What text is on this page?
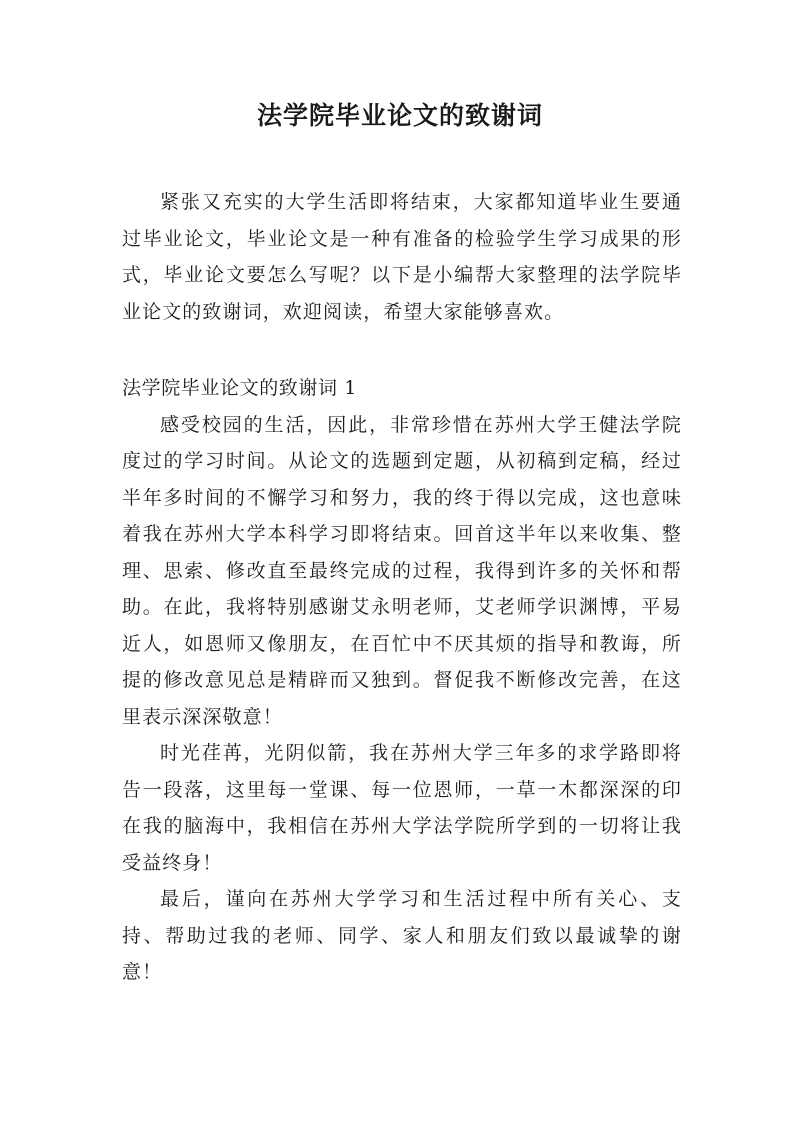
法学院毕业论文的致谢词

紧张又充实的大学生活即将结束，大家都知道毕业生要通过毕业论文，毕业论文是一种有准备的检验学生学习成果的形式，毕业论文要怎么写呢？以下是小编帮大家整理的法学院毕业论文的致谢词，欢迎阅读，希望大家能够喜欢。

法学院毕业论文的致谢词 1

感受校园的生活，因此，非常珍惜在苏州大学王健法学院度过的学习时间。从论文的选题到定题，从初稿到定稿，经过半年多时间的不懈学习和努力，我的终于得以完成，这也意味着我在苏州大学本科学习即将结束。回首这半年以来收集、整理、思索、修改直至最终完成的过程，我得到许多的关怀和帮助。在此，我将特别感谢艾永明老师，艾老师学识渊博，平易近人，如恩师又像朋友，在百忙中不厌其烦的指导和教诲，所提的修改意见总是精辟而又独到。督促我不断修改完善，在这里表示深深敬意！

时光荏苒，光阴似箭，我在苏州大学三年多的求学路即将告一段落，这里每一堂课、每一位恩师，一草一木都深深的印在我的脑海中，我相信在苏州大学法学院所学到的一切将让我受益终身！

最后，谨向在苏州大学学习和生活过程中所有关心、支持、帮助过我的老师、同学、家人和朋友们致以最诚挚的谢意！
